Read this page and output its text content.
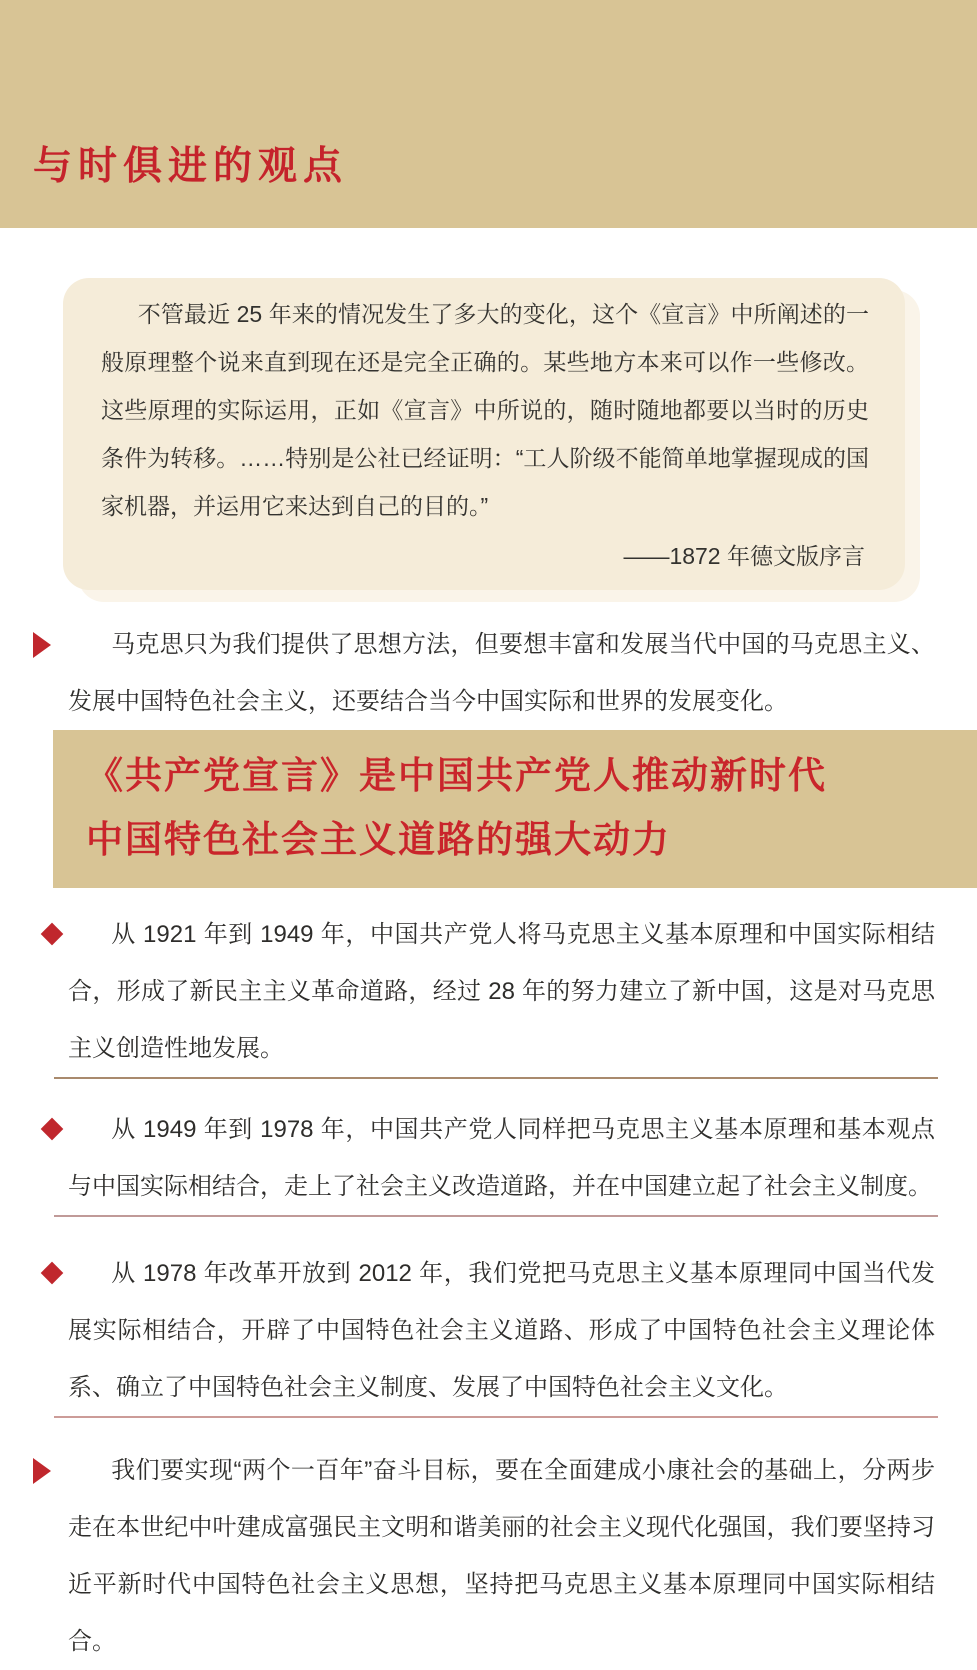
与时俱进的观点

不管最近 25 年来的情况发生了多大的变化，这个《宣言》中所阐述的一般原理整个说来直到现在还是完全正确的。某些地方本来可以作一些修改。这些原理的实际运用，正如《宣言》中所说的，随时随地都要以当时的历史条件为转移。……特别是公社已经证明：“工人阶级不能简单地掌握现成的国家机器，并运用它来达到自己的目的。”

——1872 年德文版序言

马克思只为我们提供了思想方法，但要想丰富和发展当代中国的马克思主义、发展中国特色社会主义，还要结合当今中国实际和世界的发展变化。

《共产党宣言》是中国共产党人推动新时代
中国特色社会主义道路的强大动力

从 1921 年到 1949 年，中国共产党人将马克思主义基本原理和中国实际相结合，形成了新民主主义革命道路，经过 28 年的努力建立了新中国，这是对马克思主义创造性地发展。

从 1949 年到 1978 年，中国共产党人同样把马克思主义基本原理和基本观点与中国实际相结合，走上了社会主义改造道路，并在中国建立起了社会主义制度。

从 1978 年改革开放到 2012 年，我们党把马克思主义基本原理同中国当代发展实际相结合，开辟了中国特色社会主义道路、形成了中国特色社会主义理论体系、确立了中国特色社会主义制度、发展了中国特色社会主义文化。

我们要实现“两个一百年”奋斗目标，要在全面建成小康社会的基础上，分两步走在本世纪中叶建成富强民主文明和谐美丽的社会主义现代化强国，我们要坚持习近平新时代中国特色社会主义思想，坚持把马克思主义基本原理同中国实际相结合。
